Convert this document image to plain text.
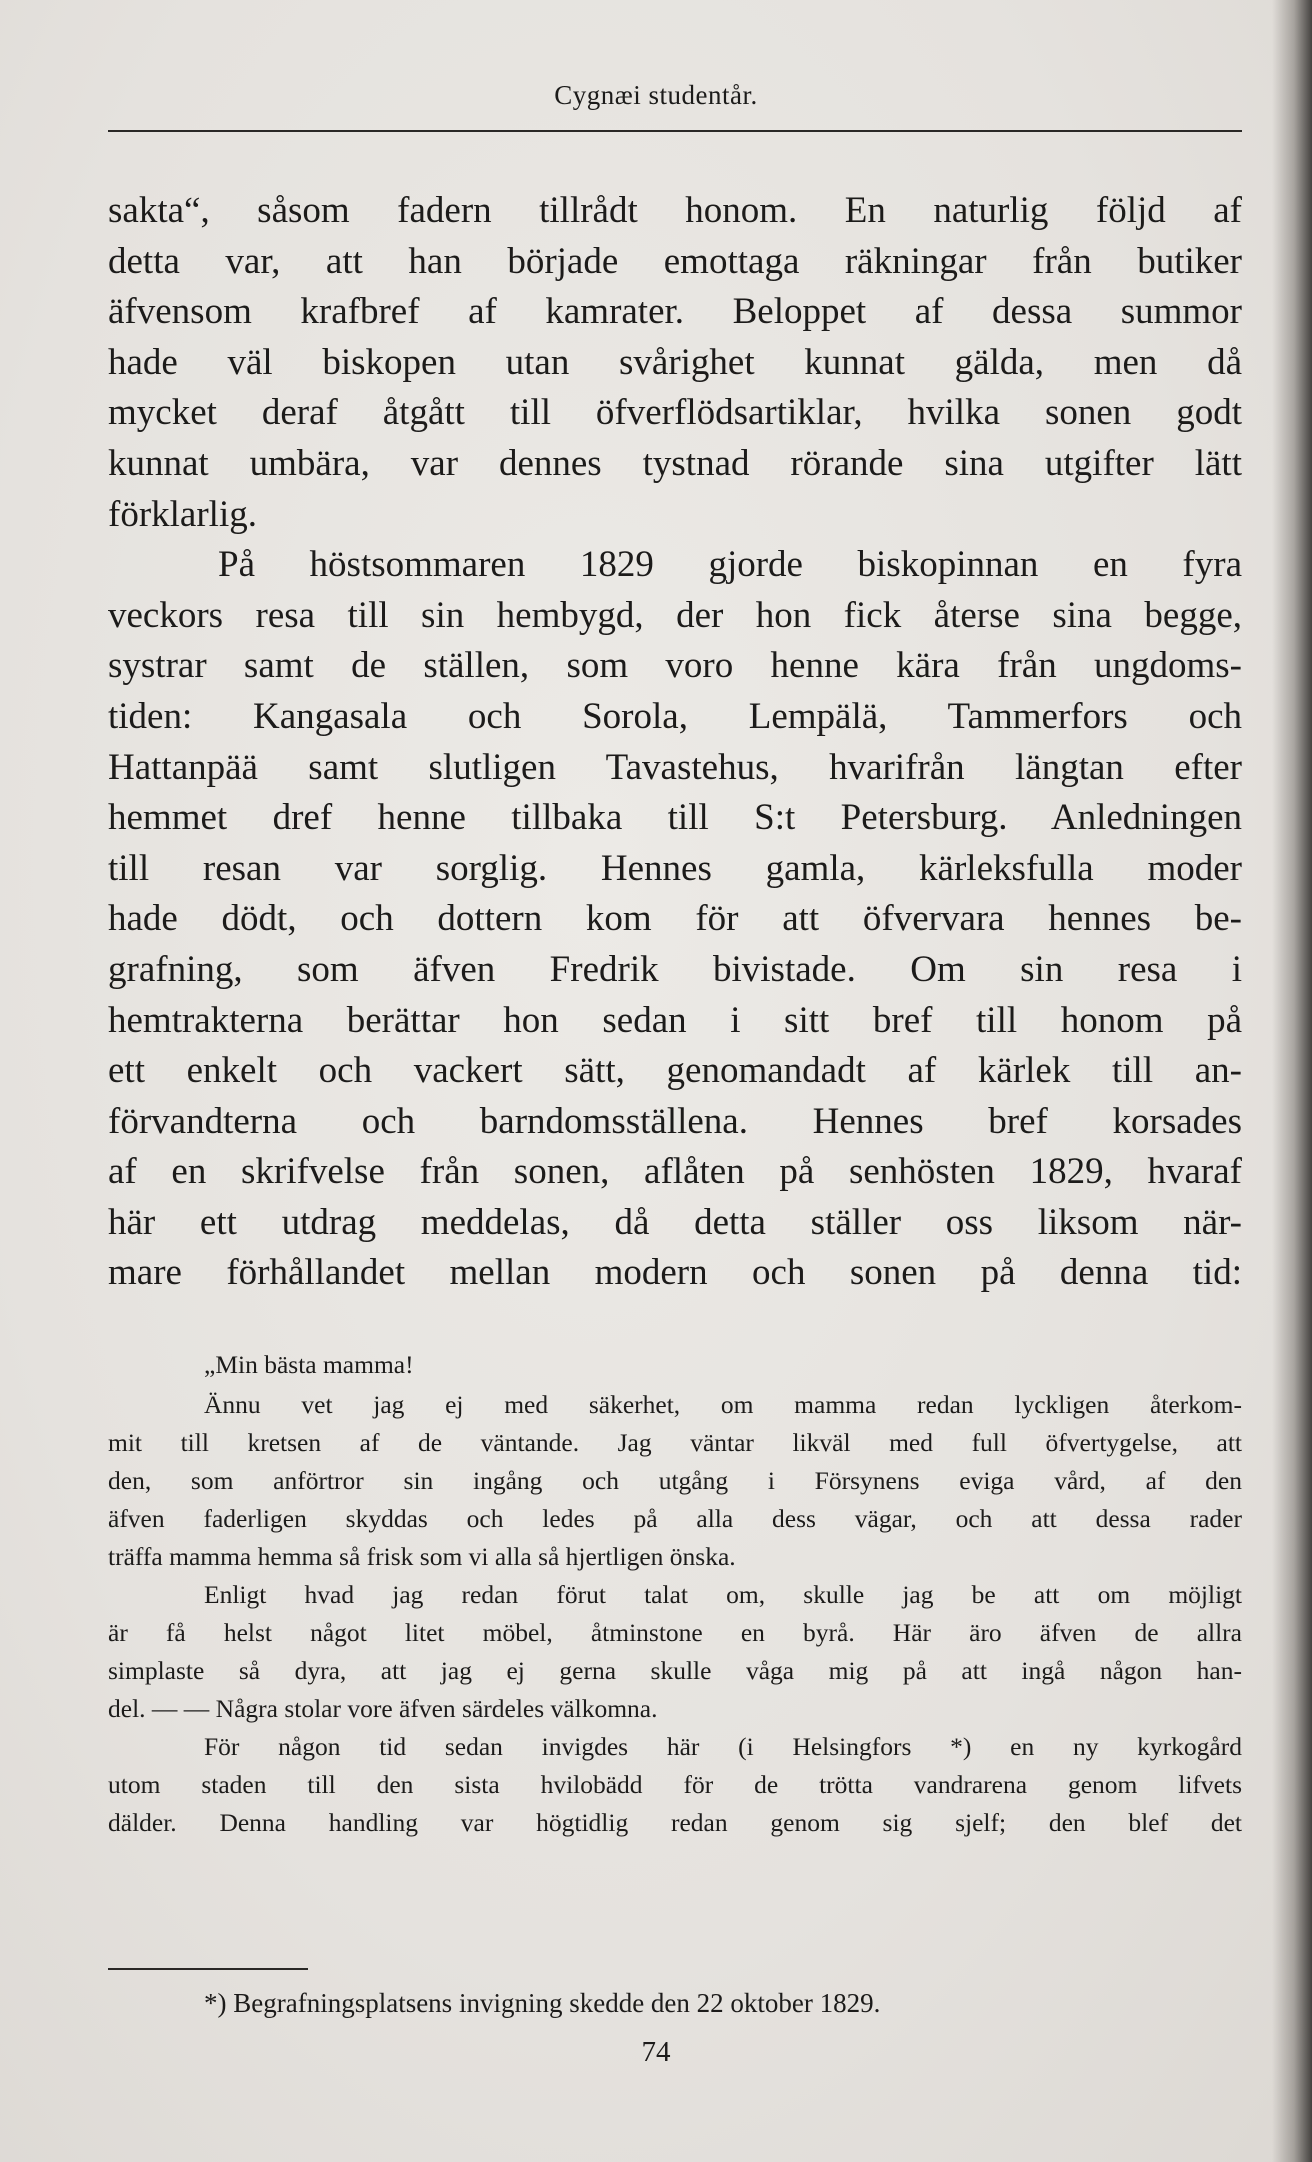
Cygnæi studentår.
sakta“, såsom fadern tillrådt honom. En naturlig följd af
detta var, att han började emottaga räkningar från butiker
äfvensom krafbref af kamrater. Beloppet af dessa summor
hade väl biskopen utan svårighet kunnat gälda, men då
mycket deraf åtgått till öfverflödsartiklar, hvilka sonen godt
kunnat umbära, var dennes tystnad rörande sina utgifter lätt
förklarlig.
På höstsommaren 1829 gjorde biskopinnan en fyra
veckors resa till sin hembygd, der hon fick återse sina begge,
systrar samt de ställen, som voro henne kära från ungdoms-
tiden: Kangasala och Sorola, Lempälä, Tammerfors och
Hattanpää samt slutligen Tavastehus, hvarifrån längtan efter
hemmet dref henne tillbaka till S:t Petersburg. Anledningen
till resan var sorglig. Hennes gamla, kärleksfulla moder
hade dödt, och dottern kom för att öfvervara hennes be-
grafning, som äfven Fredrik bivistade. Om sin resa i
hemtrakterna berättar hon sedan i sitt bref till honom på
ett enkelt och vackert sätt, genomandadt af kärlek till an-
förvandterna och barndomsställena. Hennes bref korsades
af en skrifvelse från sonen, aflåten på senhösten 1829, hvaraf
här ett utdrag meddelas, då detta ställer oss liksom när-
mare förhållandet mellan modern och sonen på denna tid:
„Min bästa mamma!
Ännu vet jag ej med säkerhet, om mamma redan lyckligen återkom-
mit till kretsen af de väntande. Jag väntar likväl med full öfvertygelse, att
den, som anförtror sin ingång och utgång i Försynens eviga vård, af den
äfven faderligen skyddas och ledes på alla dess vägar, och att dessa rader
träffa mamma hemma så frisk som vi alla så hjertligen önska.
Enligt hvad jag redan förut talat om, skulle jag be att om möjligt
är få helst något litet möbel, åtminstone en byrå. Här äro äfven de allra
simplaste så dyra, att jag ej gerna skulle våga mig på att ingå någon han-
del. — — Några stolar vore äfven särdeles välkomna.
För någon tid sedan invigdes här (i Helsingfors *) en ny kyrkogård
utom staden till den sista hvilobädd för de trötta vandrarena genom lifvets
dälder. Denna handling var högtidlig redan genom sig sjelf; den blef det
*) Begrafningsplatsens invigning skedde den 22 oktober 1829.
74
